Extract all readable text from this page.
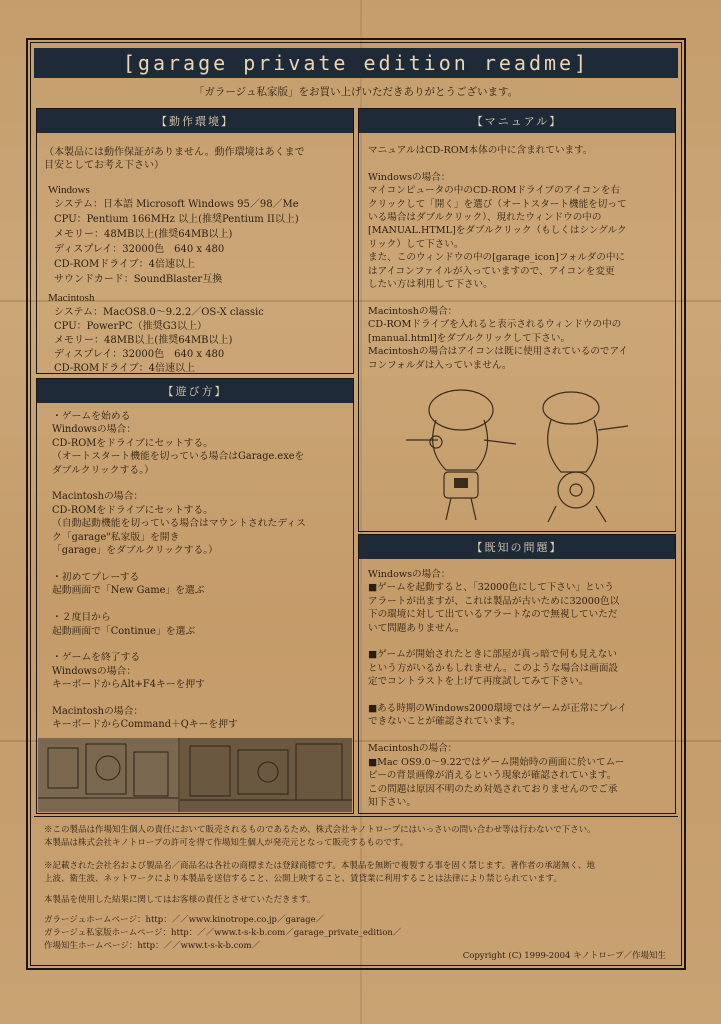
[garage private edition readme]
「ガラージュ私家版」をお買い上げいただきありがとうございます。
【動作環境】
（本製品には動作保証がありません。動作環境はあくまで
目安としてお考え下さい）
Windows
システム：日本語 Microsoft Windows 95／98／Me
CPU：Pentium 166MHz 以上(推奨Pentium II以上)
メモリー：48MB以上(推奨64MB以上)
ディスプレイ：32000色　640 x 480
CD-ROMドライブ：4倍速以上
サウンドカード：SoundBlaster互換
Macintosh
システム：MacOS8.0～9.2.2／OS-X classic
CPU：PowerPC（推奨G3以上）
メモリー：48MB以上(推奨64MB以上)
ディスプレイ：32000色　640 x 480
CD-ROMドライブ：4倍速以上
【遊び方】
・ゲームを始める
Windowsの場合：
CD-ROMをドライブにセットする。
（オートスタート機能を切っている場合はGarage.exeを
ダブルクリックする。）

Macintoshの場合：
CD-ROMをドライブにセットする。
（自動起動機能を切っている場合はマウントされたディス
ク「garage"私家版」を開き
「garage」をダブルクリックする。）

・初めてプレーする
起動画面で「New Game」を選ぶ

・２度目から
起動画面で「Continue」を選ぶ

・ゲームを終了する
Windowsの場合：
キーボードからAlt+F4キーを押す

Macintoshの場合：
キーボードからCommand＋Qキーを押す
【マニュアル】
マニュアルはCD-ROM本体の中に含まれています。

Windowsの場合：
マイコンピュータの中のCD-ROMドライブのアイコンを右
クリックして「開く」を選び（オートスタート機能を切って
いる場合はダブルクリック）、現れたウィンドウの中の
[MANUAL.HTML]をダブルクリック（もしくはシングルク
リック）して下さい。
また、このウィンドウの中の[garage_icon]フォルダの中に
はアイコンファイルが入っていますので、アイコンを変更
したい方は利用して下さい。

Macintoshの場合：
CD-ROMドライブを入れると表示されるウィンドウの中の
[manual.html]をダブルクリックして下さい。
Macintoshの場合はアイコンは既に使用されているのでアイ
コンフォルダは入っていません。
【既知の問題】
Windowsの場合：
■ゲームを起動すると、「32000色にして下さい」という
アラートが出ますが、これは製品が古いために32000色以
下の環境に対して出ているアラートなので無視していただ
いて問題ありません。

■ゲームが開始されたときに部屋が真っ暗で何も見えない
という方がいるかもしれません。このような場合は画面設
定でコントラストを上げて再度試してみて下さい。

■ある時期のWindows2000環境ではゲームが正常にプレイ
できないことが確認されています。

Macintoshの場合：
■Mac OS9.0～9.22ではゲーム開始時の画面に於いてムー
ビーの背景画像が消えるという現象が確認されています。
この問題は原因不明のため対処されておりませんのでご承
知下さい。
※この製品は作場知生個人の責任において販売されるものであるため、株式会社キノトロープにはいっさいの問い合わせ等は行わないで下さい。
本製品は株式会社キノトロープの許可を得て作場知生個人が発売元となって販売するものです。
※記載された会社名および製品名／商品名は各社の商標または登録商標です。本製品を無断で複製する事を固く禁じます。著作者の承諾無く、地
上波、衛生波、ネットワークにより本製品を送信すること、公開上映すること、賃貸業に利用することは法律により禁じられています。
本製品を使用した結果に関してはお客様の責任とさせていただきます。
ガラージュホームページ：http：／／www.kinotrope.co.jp／garage／
ガラージュ私家版ホームページ：http：／／www.t-s-k-b.com／garage_private_edition／
作場知生ホームページ：http：／／www.t-s-k-b.com／
Copyright (C) 1999-2004 キノトロープ／作場知生
